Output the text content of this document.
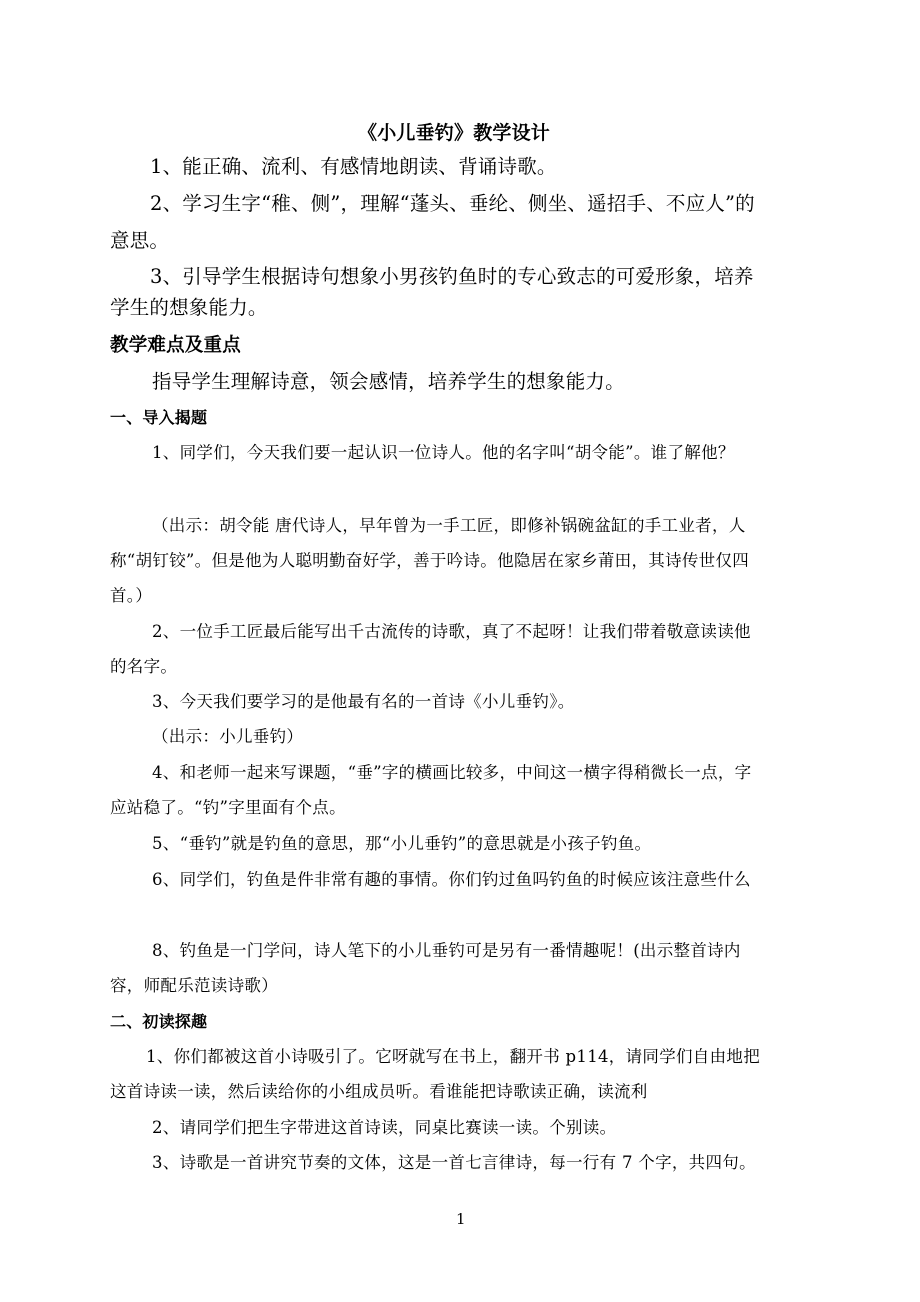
《小儿垂钓》教学设计
1、能正确、流利、有感情地朗读、背诵诗歌。
2、学习生字“稚、侧”，理解“蓬头、垂纶、侧坐、遥招手、不应人”的
意思。
3、引导学生根据诗句想象小男孩钓鱼时的专心致志的可爱形象，培养
学生的想象能力。
教学难点及重点
指导学生理解诗意，领会感情，培养学生的想象能力。
一、导入揭题
1、同学们，今天我们要一起认识一位诗人。他的名字叫“胡令能”。谁了解他？
（出示：胡令能 唐代诗人，早年曾为一手工匠，即修补锅碗盆缸的手工业者，人
称“胡钉铰”。但是他为人聪明勤奋好学，善于吟诗。他隐居在家乡莆田，其诗传世仅四
首。）
2、一位手工匠最后能写出千古流传的诗歌，真了不起呀！让我们带着敬意读读他
的名字。
3、今天我们要学习的是他最有名的一首诗《小儿垂钓》。
（出示：小儿垂钓）
4、和老师一起来写课题，“垂”字的横画比较多，中间这一横字得稍微长一点，字
应站稳了。“钓”字里面有个点。
5、“垂钓”就是钓鱼的意思，那“小儿垂钓”的意思就是小孩子钓鱼。
6、同学们，钓鱼是件非常有趣的事情。你们钓过鱼吗钓鱼的时候应该注意些什么
8、钓鱼是一门学问，诗人笔下的小儿垂钓可是另有一番情趣呢！(出示整首诗内
容，师配乐范读诗歌）
二、初读探趣
1、你们都被这首小诗吸引了。它呀就写在书上，翻开书 p114，请同学们自由地把
这首诗读一读，然后读给你的小组成员听。看谁能把诗歌读正确，读流利
2、请同学们把生字带进这首诗读，同桌比赛读一读。个别读。
3、诗歌是一首讲究节奏的文体，这是一首七言律诗，每一行有 7 个字，共四句。
1
